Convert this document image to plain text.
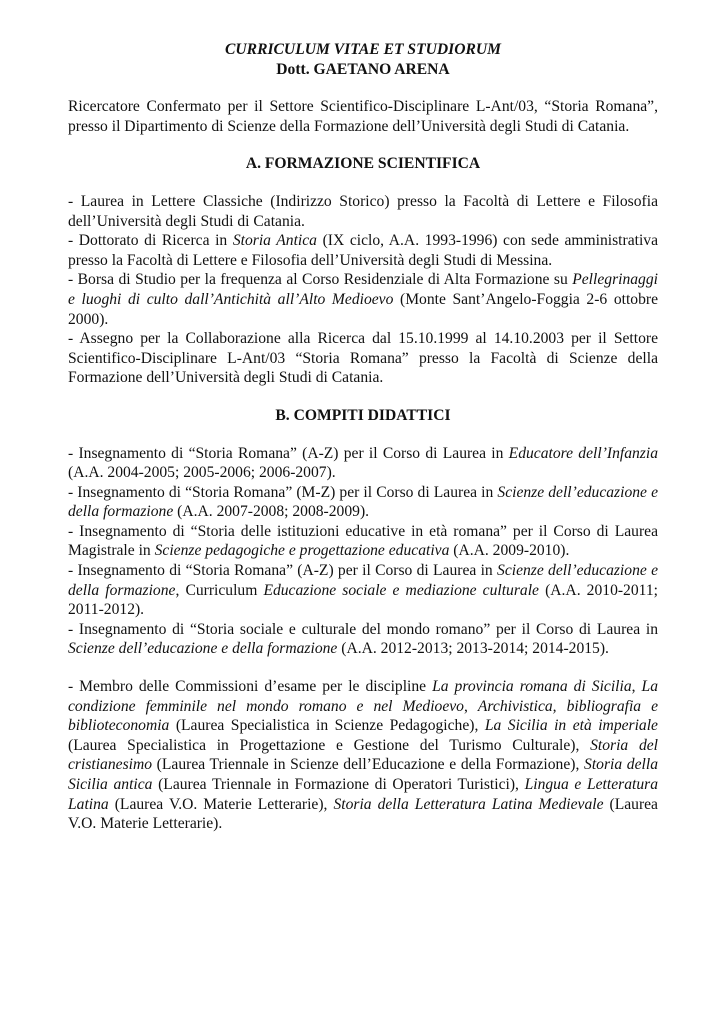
CURRICULUM VITAE ET STUDIORUM

Dott. GAETANO ARENA

Ricercatore Confermato per il Settore Scientifico-Disciplinare L-Ant/03, “Storia Romana”, presso il Dipartimento di Scienze della Formazione dell’Università degli Studi di Catania.

A. FORMAZIONE SCIENTIFICA

- Laurea in Lettere Classiche (Indirizzo Storico) presso la Facoltà di Lettere e Filosofia dell’Università degli Studi di Catania.

- Dottorato di Ricerca in Storia Antica (IX ciclo, A.A. 1993-1996) con sede amministrativa presso la Facoltà di Lettere e Filosofia dell’Università degli Studi di Messina.

- Borsa di Studio per la frequenza al Corso Residenziale di Alta Formazione su Pellegrinaggi e luoghi di culto dall’Antichità all’Alto Medioevo (Monte Sant’Angelo-Foggia 2-6 ottobre 2000).

- Assegno per la Collaborazione alla Ricerca dal 15.10.1999 al 14.10.2003 per il Settore Scientifico-Disciplinare L-Ant/03 “Storia Romana” presso la Facoltà di Scienze della Formazione dell’Università degli Studi di Catania.

B. COMPITI DIDATTICI

- Insegnamento di “Storia Romana” (A-Z) per il Corso di Laurea in Educatore dell’Infanzia (A.A. 2004-2005; 2005-2006; 2006-2007).

- Insegnamento di “Storia Romana” (M-Z) per il Corso di Laurea in Scienze dell’educazione e della formazione (A.A. 2007-2008; 2008-2009).

- Insegnamento di “Storia delle istituzioni educative in età romana” per il Corso di Laurea Magistrale in Scienze pedagogiche e progettazione educativa (A.A. 2009-2010).

- Insegnamento di “Storia Romana” (A-Z) per il Corso di Laurea in Scienze dell’educazione e della formazione, Curriculum Educazione sociale e mediazione culturale (A.A. 2010-2011; 2011-2012).

- Insegnamento di “Storia sociale e culturale del mondo romano” per il Corso di Laurea in Scienze dell’educazione e della formazione (A.A. 2012-2013; 2013-2014; 2014-2015).

- Membro delle Commissioni d’esame per le discipline La provincia romana di Sicilia, La condizione femminile nel mondo romano e nel Medioevo, Archivistica, bibliografia e biblioteconomia (Laurea Specialistica in Scienze Pedagogiche), La Sicilia in età imperiale (Laurea Specialistica in Progettazione e Gestione del Turismo Culturale), Storia del cristianesimo (Laurea Triennale in Scienze dell’Educazione e della Formazione), Storia della Sicilia antica (Laurea Triennale in Formazione di Operatori Turistici), Lingua e Letteratura Latina (Laurea V.O. Materie Letterarie), Storia della Letteratura Latina Medievale (Laurea V.O. Materie Letterarie).
